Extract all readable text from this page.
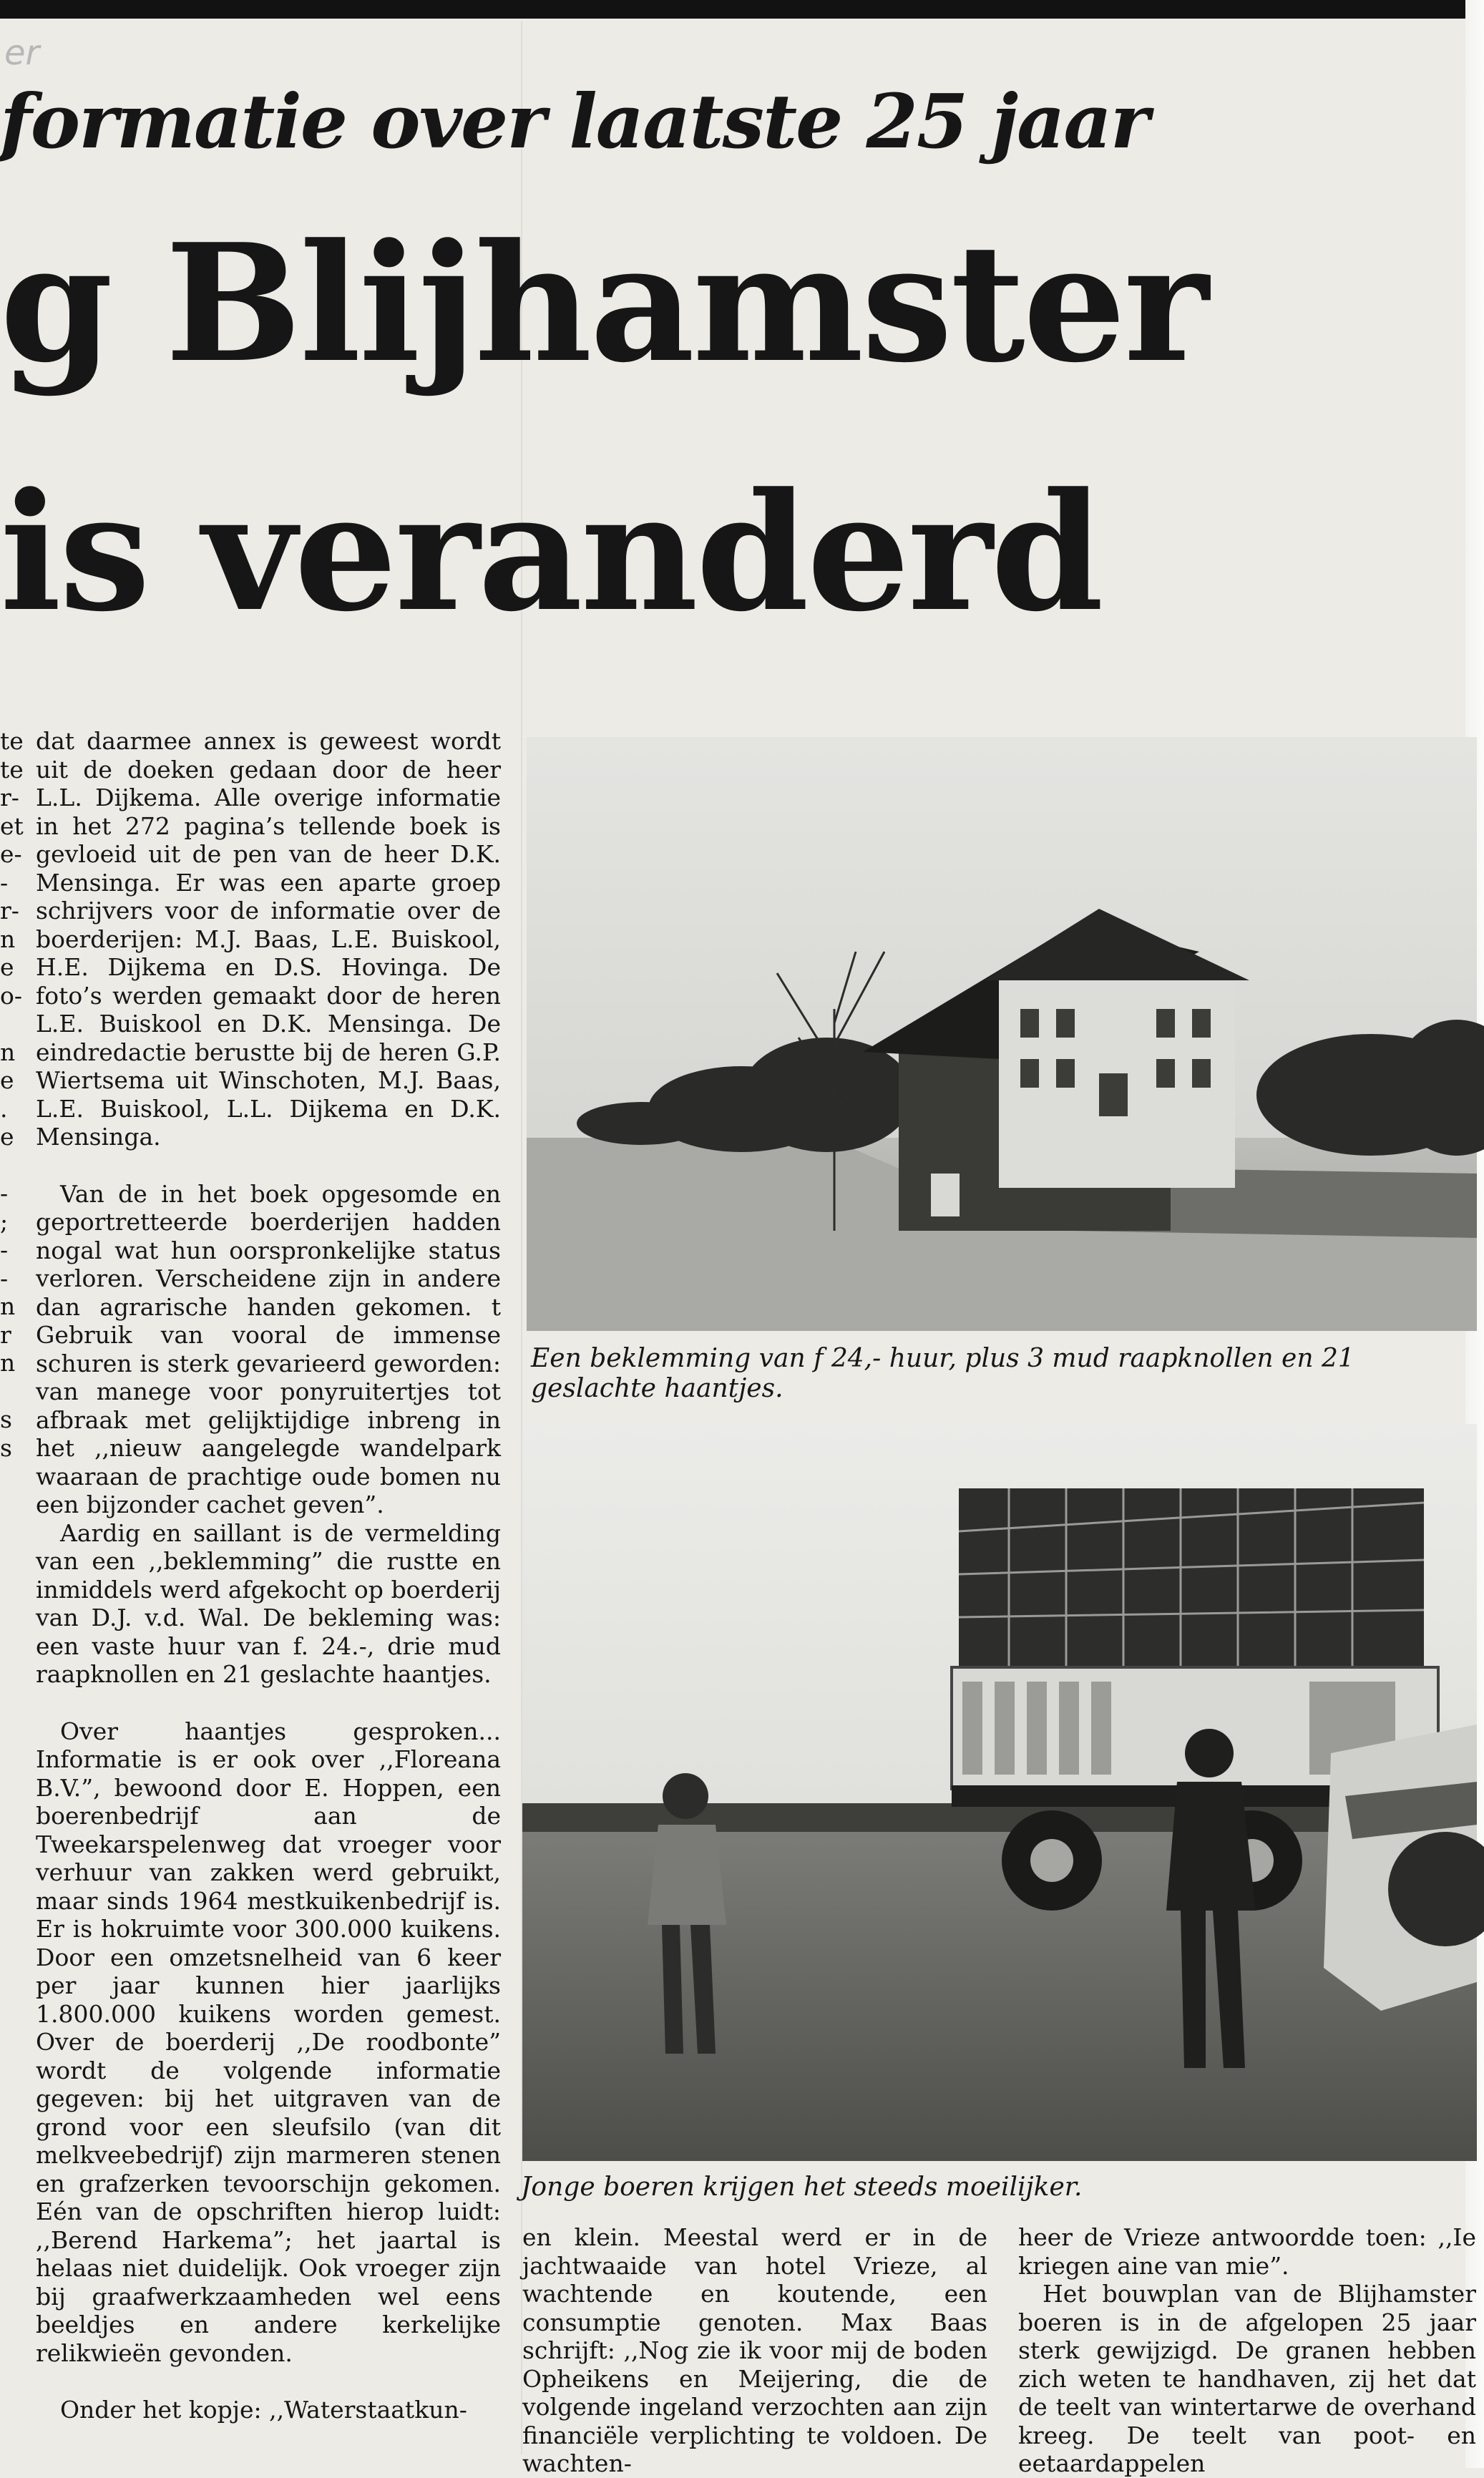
er
formatie over laatste 25 jaar
g Blijhamster
is veranderd
te
te
r-
et
e-
-
r-
n
e
o-

n
e
.
e

-
;
-
-
n
r
n

s
s

dat daarmee annex is geweest wordt uit de doeken gedaan door de heer L.L. Dijkema. Alle overige informatie in het 272 pagina’s tellende boek is gevloeid uit de pen van de heer D.K. Mensinga. Er was een aparte groep schrijvers voor de informatie over de boerderijen: M.J. Baas, L.E. Buiskool, H.E. Dijkema en D.S. Hovinga. De foto’s werden gemaakt door de heren L.E. Buiskool en D.K. Mensinga. De eindredactie berustte bij de heren G.P. Wiertsema uit Winschoten, M.J. Baas, L.E. Buiskool, L.L. Dijkema en D.K. Mensinga.

Van de in het boek opgesomde en geportretteerde boerderijen hadden nogal wat hun oorspronkelijke status verloren. Verscheidene zijn in andere dan agrarische handen gekomen. t Gebruik van vooral de immense schuren is sterk gevarieerd geworden: van manege voor ponyruitertjes tot afbraak met gelijktijdige inbreng in het ,,nieuw aangelegde wandelpark waaraan de prachtige oude bomen nu een bijzonder cachet geven”.

Aardig en saillant is de vermelding van een ,,beklemming” die rustte en inmiddels werd afgekocht op boerderij van D.J. v.d. Wal. De bekleming was: een vaste huur van f. 24.-, drie mud raapknollen en 21 geslachte haantjes.

Over haantjes gesproken... Informatie is er ook over ,,Floreana B.V.”, bewoond door E. Hoppen, een boerenbedrijf aan de Tweekarspelenweg dat vroeger voor verhuur van zakken werd gebruikt, maar sinds 1964 mestkuikenbedrijf is. Er is hokruimte voor 300.000 kuikens. Door een omzetsnelheid van 6 keer per jaar kunnen hier jaarlijks 1.800.000 kuikens worden gemest. Over de boerderij ,,De roodbonte” wordt de volgende informatie gegeven: bij het uitgraven van de grond voor een sleufsilo (van dit melkveebedrijf) zijn marmeren stenen en grafzerken tevoorschijn gekomen. Eén van de opschriften hierop luidt: ,,Berend Harkema”; het jaartal is helaas niet duidelijk. Ook vroeger zijn bij graafwerkzaamheden wel eens beeldjes en andere kerkelijke relikwieën gevonden.

Onder het kopje: ,,Waterstaatkun-

Een beklemming van f 24,- huur, plus 3 mud raapknollen en 21 geslachte haantjes.
Jonge boeren krijgen het steeds moeilijker.

en klein. Meestal werd er in de jachtwaaide van hotel Vrieze, al wachtende en koutende, een consumptie genoten. Max Baas schrijft: ,,Nog zie ik voor mij de boden Opheikens en Meijering, die de volgende ingeland verzochten aan zijn financiële verplichting te voldoen. De wachten-

heer de Vrieze antwoordde toen: ,,Ie kriegen aine van mie”.

Het bouwplan van de Blijhamster boeren is in de afgelopen 25 jaar sterk gewijzigd. De granen hebben zich weten te handhaven, zij het dat de teelt van wintertarwe de overhand kreeg. De teelt van poot- en eetaardappelen
